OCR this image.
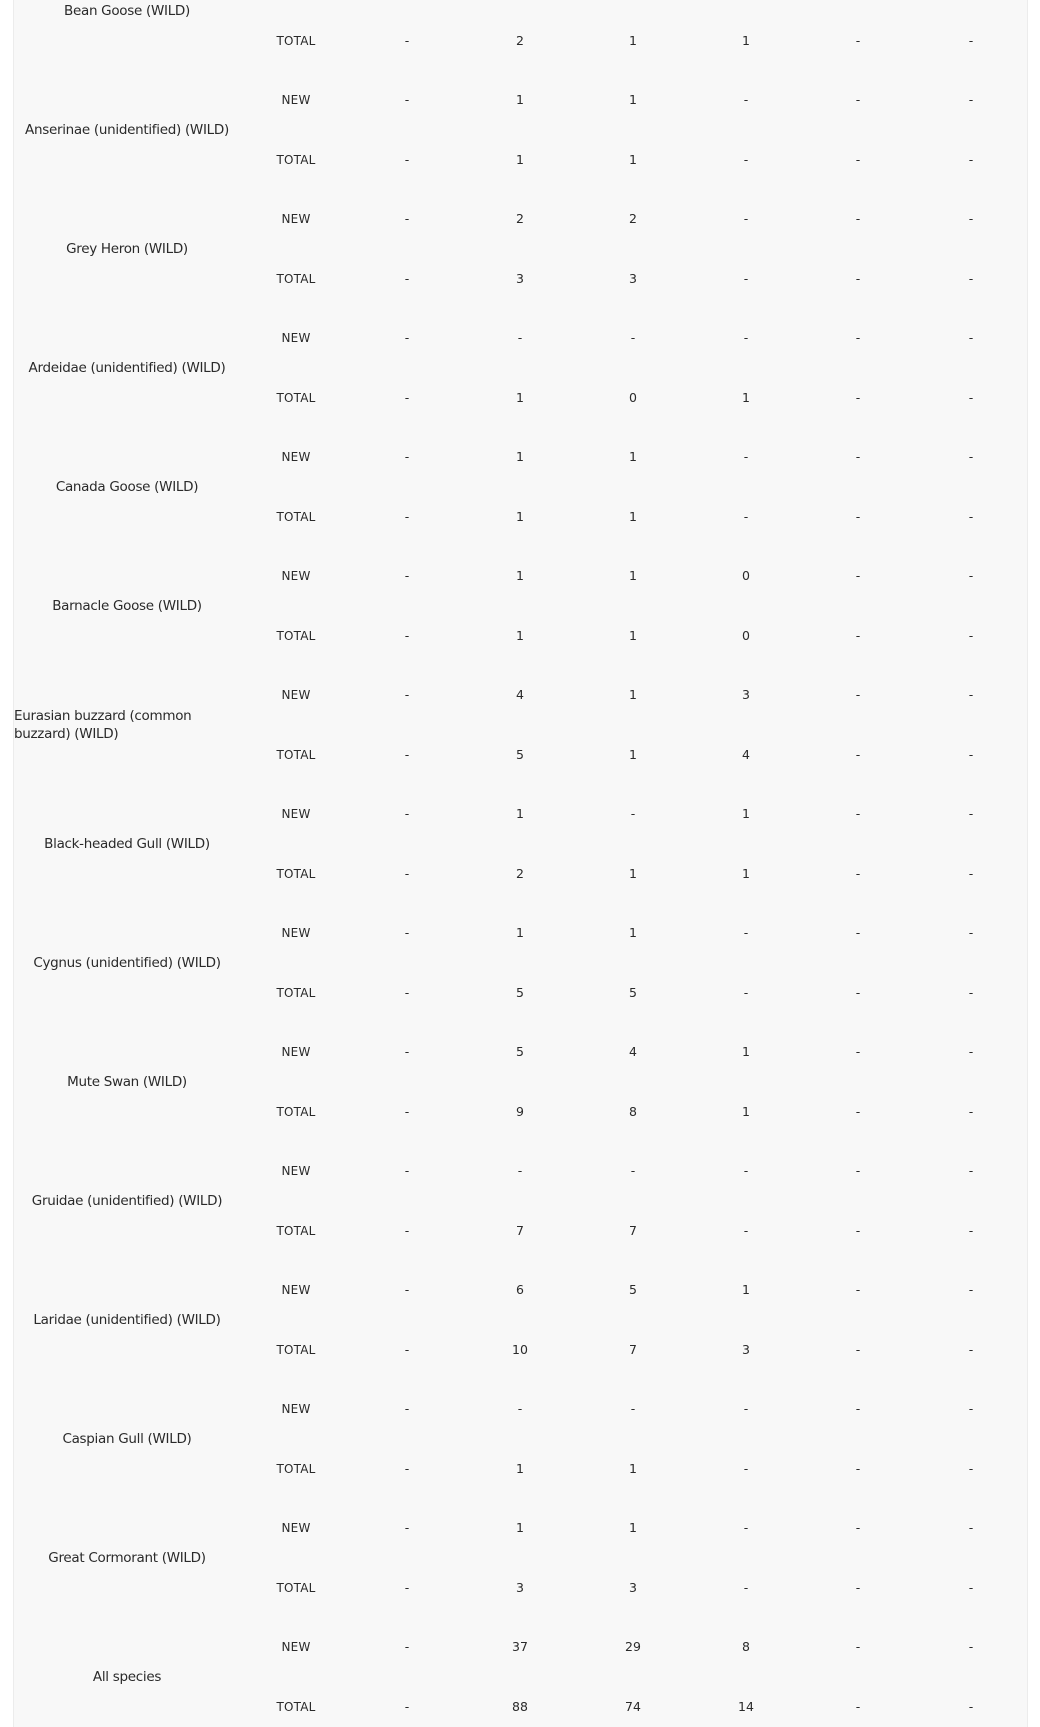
Bean Goose (WILD)
TOTAL	-	2	1	1	-	-
Anserinae (unidentified) (WILD)
NEW	-	1	1	-	-	-
TOTAL	-	1	1	-	-	-
Grey Heron (WILD)
NEW	-	2	2	-	-	-
TOTAL	-	3	3	-	-	-
Ardeidae (unidentified) (WILD)
NEW	-	-	-	-	-	-
TOTAL	-	1	0	1	-	-
Canada Goose (WILD)
NEW	-	1	1	-	-	-
TOTAL	-	1	1	-	-	-
Barnacle Goose (WILD)
NEW	-	1	1	0	-	-
TOTAL	-	1	1	0	-	-
Eurasian buzzard (common buzzard) (WILD)
NEW	-	4	1	3	-	-
TOTAL	-	5	1	4	-	-
Black-headed Gull (WILD)
NEW	-	1	-	1	-	-
TOTAL	-	2	1	1	-	-
Cygnus (unidentified) (WILD)
NEW	-	1	1	-	-	-
TOTAL	-	5	5	-	-	-
Mute Swan (WILD)
NEW	-	5	4	1	-	-
TOTAL	-	9	8	1	-	-
Gruidae (unidentified) (WILD)
NEW	-	-	-	-	-	-
TOTAL	-	7	7	-	-	-
Laridae (unidentified) (WILD)
NEW	-	6	5	1	-	-
TOTAL	-	10	7	3	-	-
Caspian Gull (WILD)
NEW	-	-	-	-	-	-
TOTAL	-	1	1	-	-	-
Great Cormorant (WILD)
NEW	-	1	1	-	-	-
TOTAL	-	3	3	-	-	-
All species
NEW	-	37	29	8	-	-
TOTAL	-	88	74	14	-	-
